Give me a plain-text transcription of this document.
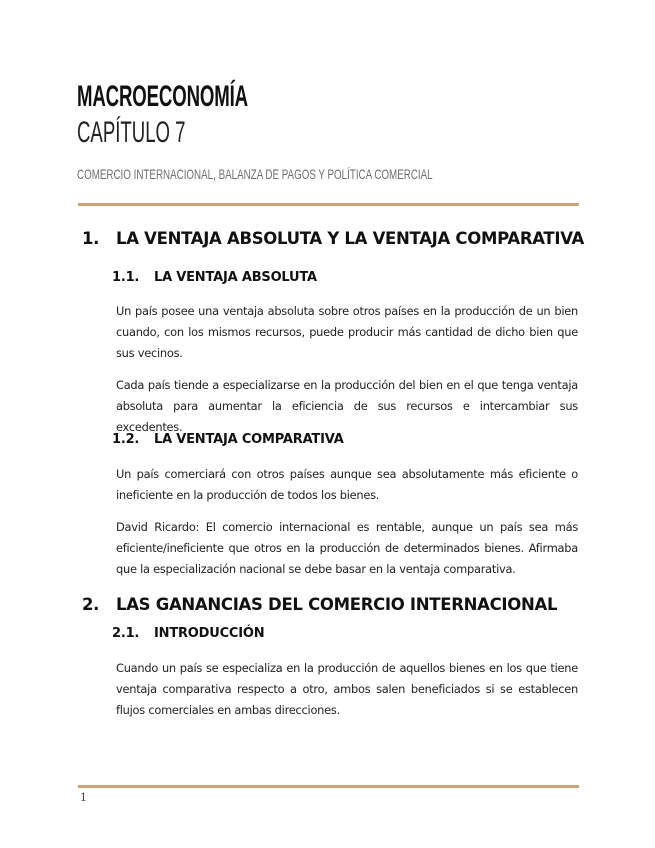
MACROECONOMÍA
CAPÍTULO 7
COMERCIO INTERNACIONAL, BALANZA DE PAGOS Y POLÍTICA COMERCIAL
1. LA VENTAJA ABSOLUTA Y LA VENTAJA COMPARATIVA
1.1. LA VENTAJA ABSOLUTA

Un país posee una ventaja absoluta sobre otros países en la producción de un bien cuando, con los mismos recursos, puede producir más cantidad de dicho bien que sus vecinos.

Cada país tiende a especializarse en la producción del bien en el que tenga ventaja absoluta para aumentar la eficiencia de sus recursos e intercambiar sus excedentes.

1.2. LA VENTAJA COMPARATIVA

Un país comerciará con otros países aunque sea absolutamente más eficiente o ineficiente en la producción de todos los bienes.

David Ricardo: El comercio internacional es rentable, aunque un país sea más eficiente/ineficiente que otros en la producción de determinados bienes. Afirmaba que la especialización nacional se debe basar en la ventaja comparativa.

2. LAS GANANCIAS DEL COMERCIO INTERNACIONAL
2.1. INTRODUCCIÓN

Cuando un país se especializa en la producción de aquellos bienes en los que tiene ventaja comparativa respecto a otro, ambos salen beneficiados si se establecen flujos comerciales en ambas direcciones.

1
